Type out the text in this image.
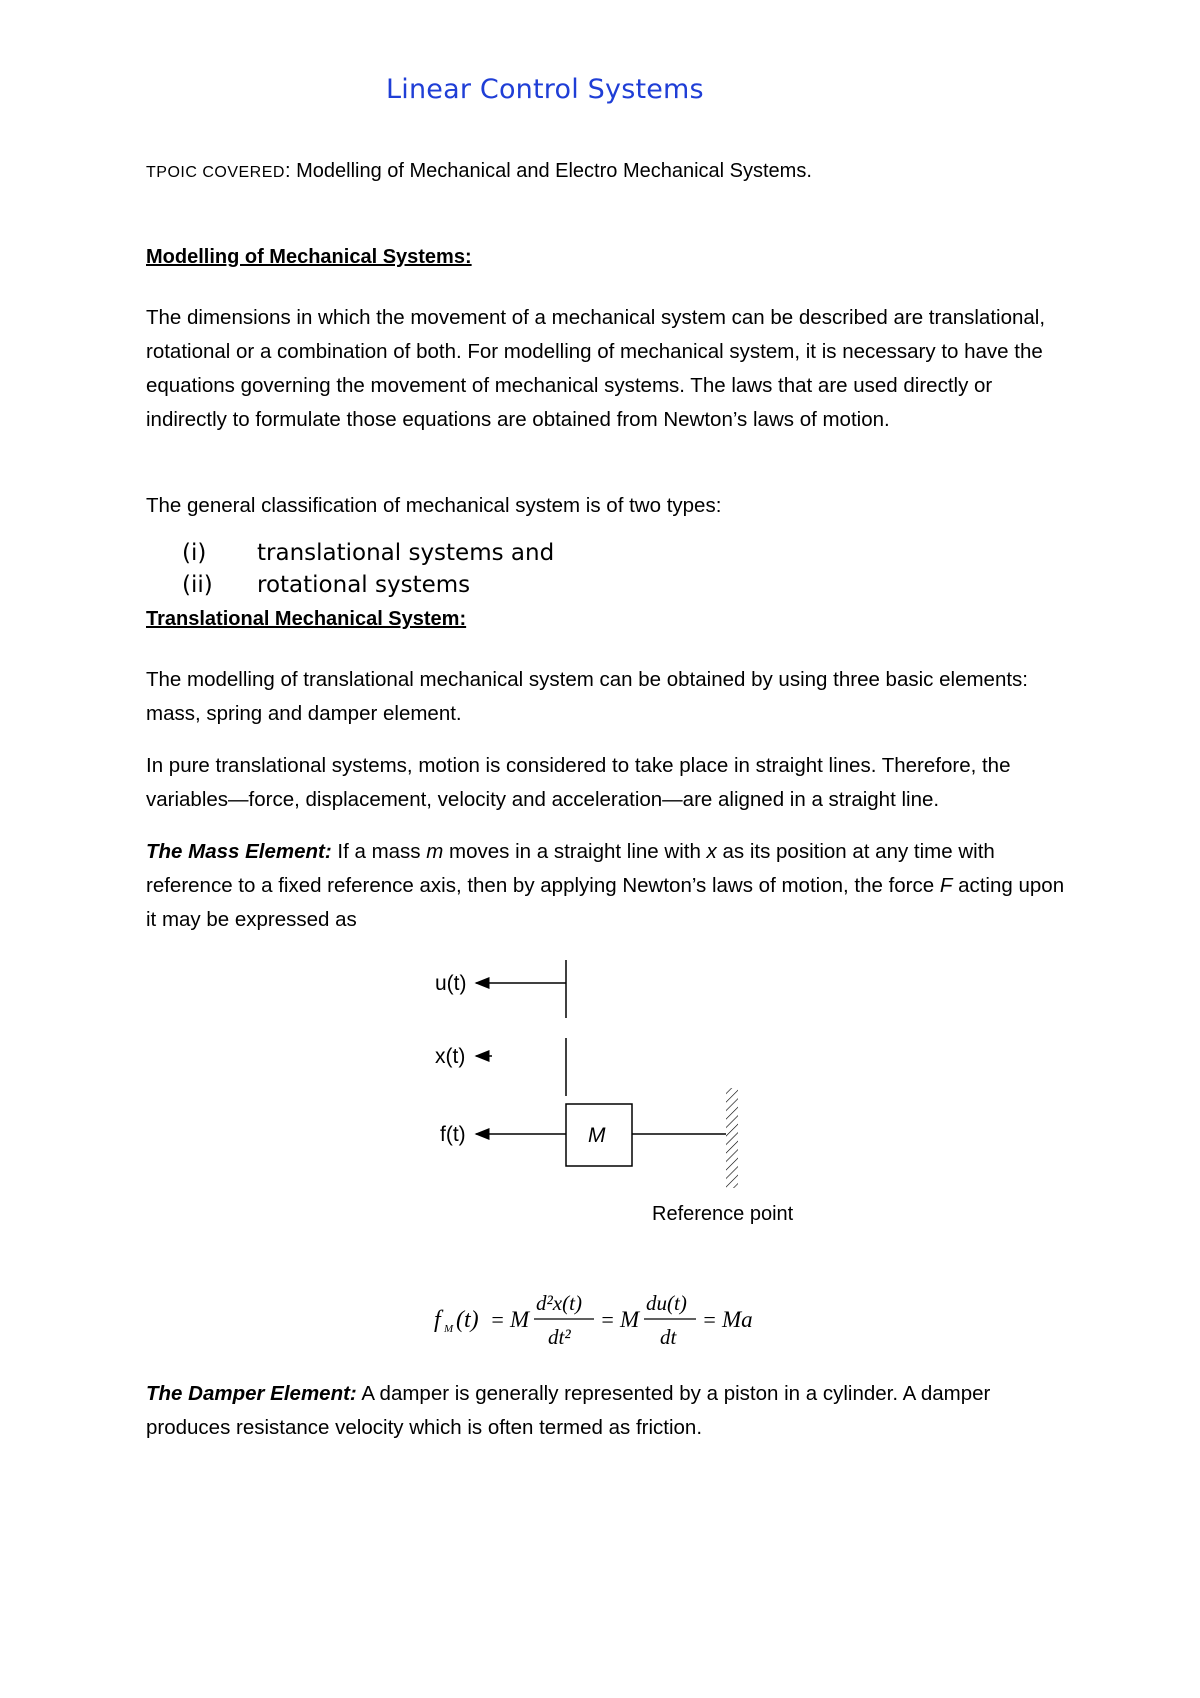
Linear Control Systems
TPOIC COVERED: Modelling of Mechanical and Electro Mechanical Systems.
Modelling of Mechanical Systems:

The dimensions in which the movement of a mechanical system can be described are translational, rotational or a combination of both. For modelling of mechanical system, it is necessary to have the equations governing the movement of mechanical systems. The laws that are used directly or indirectly to formulate those equations are obtained from Newton’s laws of motion.

The general classification of mechanical system is of two types:

(i) translational systems and
(ii) rotational systems
Translational Mechanical System:

The modelling of translational mechanical system can be obtained by using three basic elements: mass, spring and damper element.

In pure translational systems, motion is considered to take place in straight lines. Therefore, the variables—force, displacement, velocity and acceleration—are aligned in a straight line.

The Mass Element: If a mass m moves in a straight line with x as its position at any time with reference to a fixed reference axis, then by applying Newton’s laws of motion, the force F acting upon it may be expressed as

u(t)
x(t)
f(t)	M
Reference point
f M (t) = M
d²x(t)
dt²
= M
du(t)
dt
= Ma

The Damper Element: A damper is generally represented by a piston in a cylinder. A damper produces resistance velocity which is often termed as friction.
